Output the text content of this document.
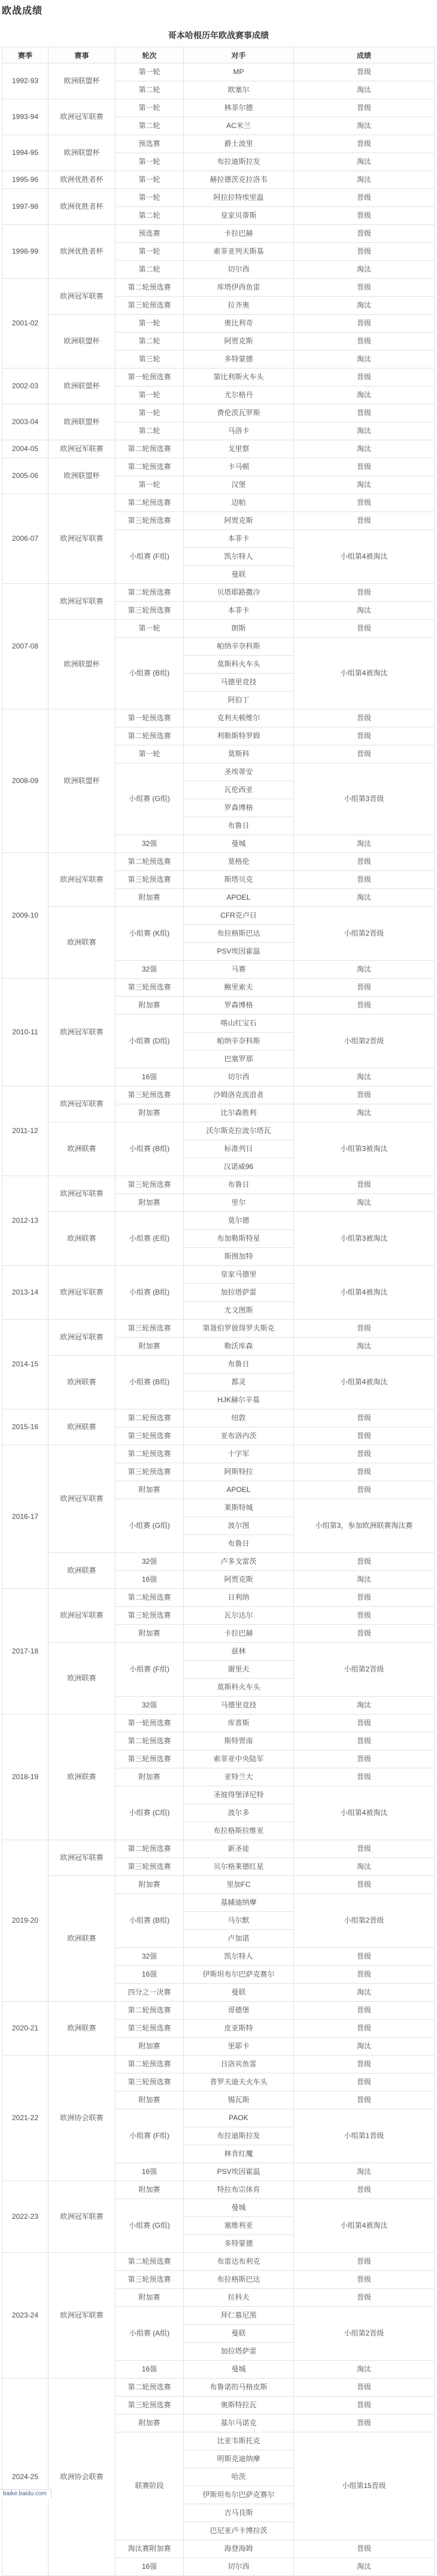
欧战成绩
哥本哈根历年欧战赛事成绩
赛季	赛事	轮次	对手	成绩
1992-93	欧洲联盟杯	第一轮	MP	晋级
		第二轮	欧塞尔	淘汰
1993-94	欧洲冠军联赛	第一轮	林菲尔德	晋级
		第二轮	AC米兰	淘汰
1994-95	欧洲联盟杯	预选赛	爵士波里	晋级
		第一轮	布拉迪斯拉发	淘汰
1995-96	欧洲优胜者杯	第一轮	赫拉德茨克拉洛韦	淘汰
1997-98	欧洲优胜者杯	第一轮	阿拉拉特埃里温	晋级
		第二轮	皇家贝蒂斯	晋级
1998-99	欧洲优胜者杯	预选赛	卡拉巴赫	晋级
		第一轮	索菲亚列夫斯基	晋级
		第二轮	切尔西	淘汰
2001-02	欧洲冠军联赛	第二轮预选赛	库塔伊西鱼雷	晋级
		第三轮预选赛	拉齐奥	淘汰
	欧洲联盟杯	第一轮	奥比利奇	晋级
		第二轮	阿贾克斯	晋级
		第三轮	多特蒙德	淘汰
2002-03	欧洲联盟杯	第一轮预选赛	第比利斯火车头	晋级
		第一轮	尤尔格丹	淘汰
2003-04	欧洲联盟杯	第一轮	费伦茨瓦罗斯	晋级
		第二轮	马洛卡	淘汰
2004-05	欧洲冠军联赛	第二轮预选赛	戈里察	淘汰
2005-06	欧洲联盟杯	第二轮预选赛	卡马顿	晋级
		第一轮	汉堡	淘汰
2006-07	欧洲冠军联赛	第二轮预选赛	迈帕	晋级
		第三轮预选赛	阿贾克斯	晋级
		小组赛 (F组)	本菲卡	小组第4被淘汰
			凯尔特人	
			曼联	
2007-08	欧洲冠军联赛	第二轮预选赛	贝塔耶路撒冷	晋级
		第三轮预选赛	本菲卡	淘汰
	欧洲联盟杯	第一轮	朗斯	晋级
		小组赛 (B组)	帕纳辛奈科斯	小组第4被淘汰
			莫斯科火车头	
			马德里竞技	
			阿伯丁	
2008-09	欧洲联盟杯	第一轮预选赛	克利夫顿维尔	晋级
		第二轮预选赛	利勒斯特罗姆	晋级
		第一轮	莫斯科	晋级
		小组赛 (G组)	圣埃蒂安	小组第3晋级
			瓦伦西亚	
			罗森博格	
			布鲁日	
		32强	曼城	淘汰
2009-10	欧洲冠军联赛	第二轮预选赛	莫格伦	晋级
		第三轮预选赛	斯塔贝克	晋级
		附加赛	APOEL	淘汰
	欧洲联赛	小组赛 (K组)	CFR克卢日	小组第2晋级
			布拉格斯巴达	
			PSV埃因霍温	
		32强	马赛	淘汰
2010-11	欧洲冠军联赛	第三轮预选赛	鲍里索夫	晋级
		附加赛	罗森博格	晋级
		小组赛 (D组)	喀山红宝石	小组第2晋级
			帕纳辛奈科斯	
			巴塞罗那	
		16强	切尔西	淘汰
2011-12	欧洲冠军联赛	第三轮预选赛	沙姆洛克流浪者	晋级
		附加赛	比尔森胜利	淘汰
	欧洲联赛	小组赛 (B组)	沃尔斯克拉波尔塔瓦	小组第3被淘汰
			标准列日	
			汉诺威96	
2012-13	欧洲冠军联赛	第三轮预选赛	布鲁日	晋级
		附加赛	里尔	淘汰
	欧洲联赛	小组赛 (E组)	莫尔德	小组第3被淘汰
			布加勒斯特星	
			斯图加特	
2013-14	欧洲冠军联赛	小组赛 (B组)	皇家马德里	小组第4被淘汰
			加拉塔萨雷	
			尤文图斯	
2014-15	欧洲冠军联赛	第三轮预选赛	第聂伯罗彼得罗夫斯克	晋级
		附加赛	勒沃库森	淘汰
	欧洲联赛	小组赛 (B组)	布鲁日	小组第4被淘汰
			都灵	
			HJK赫尔辛基	
2015-16	欧洲联赛	第二轮预选赛	纽敦	晋级
		第三轮预选赛	亚布洛内茨	晋级
2016-17	欧洲冠军联赛	第二轮预选赛	十字军	晋级
		第三轮预选赛	阿斯特拉	晋级
		附加赛	APOEL	晋级
		小组赛 (G组)	莱斯特城	小组第3，参加欧洲联赛淘汰赛
			波尔图	
			布鲁日	
	欧洲联赛	32强	卢多戈雷茨	晋级
		16强	阿贾克斯	淘汰
2017-18	欧洲冠军联赛	第二轮预选赛	日利纳	晋级
		第三轮预选赛	瓦尔达尔	晋级
		附加赛	卡拉巴赫	晋级
	欧洲联赛	小组赛 (F组)	兹林	小组第2晋级
			谢里夫	
			莫斯科火车头	
		32强	马德里竞技	淘汰
2018-19	欧洲联赛	第一轮预选赛	库普斯	晋级
		第二轮预选赛	斯特贾南	晋级
		第三轮预选赛	索菲亚中央陆军	晋级
		附加赛	亚特兰大	晋级
		小组赛 (C组)	圣彼得堡泽尼特	小组第4被淘汰
			波尔多	
			布拉格斯拉维亚	
2019-20	欧洲冠军联赛	第二轮预选赛	新圣徒	晋级
		第三轮预选赛	贝尔格莱德红星	淘汰
	欧洲联赛	附加赛	里加FC	晋级
		小组赛 (B组)	基辅迪纳摩	小组第2晋级
			马尔默	
			卢加诺	
		32强	凯尔特人	晋级
		16强	伊斯坦布尔巴萨克赛尔	晋级
		四分之一决赛	曼联	淘汰
2020-21	欧洲联赛	第二轮预选赛	哥德堡	晋级
		第三轮预选赛	皮亚斯特	晋级
		附加赛	里耶卡	淘汰
2021-22	欧洲协会联赛	第二轮预选赛	日洛宾鱼雷	晋级
		第三轮预选赛	普罗夫迪夫火车头	晋级
		附加赛	锡瓦斯	晋级
		小组赛 (F组)	PAOK	小组第1晋级
			布拉迪斯拉发	
			林肯红魔	
		16强	PSV埃因霍温	淘汰
2022-23	欧洲冠军联赛	附加赛	特拉布宗体育	晋级
		小组赛 (G组)	曼城	小组第4被淘汰
			塞维利亚	
			多特蒙德	
2023-24	欧洲冠军联赛	第二轮预选赛	布雷达布利克	晋级
		第三轮预选赛	布拉格斯巴达	晋级
		附加赛	拉科夫	晋级
		小组赛 (A组)	拜仁慕尼黑	小组第2晋级
			曼联	
			加拉塔萨雷	
		16强	曼城	淘汰
2024-25	欧洲协会联赛	第二轮预选赛	布鲁诺的马格皮斯	晋级
		第三轮预选赛	奥斯特拉瓦	晋级
		附加赛	基尔马诺克	晋级
		联赛阶段	比亚韦斯托克	小组第15晋级
			明斯克迪纳摩	
			哈茨	
			伊斯坦布尔巴萨克赛尔	
			吉马良斯	
			巴尼亚卢卡博拉茨	
		淘汰赛附加赛	海登海姆	晋级
		16强	切尔西	淘汰
baike.baidu.com
